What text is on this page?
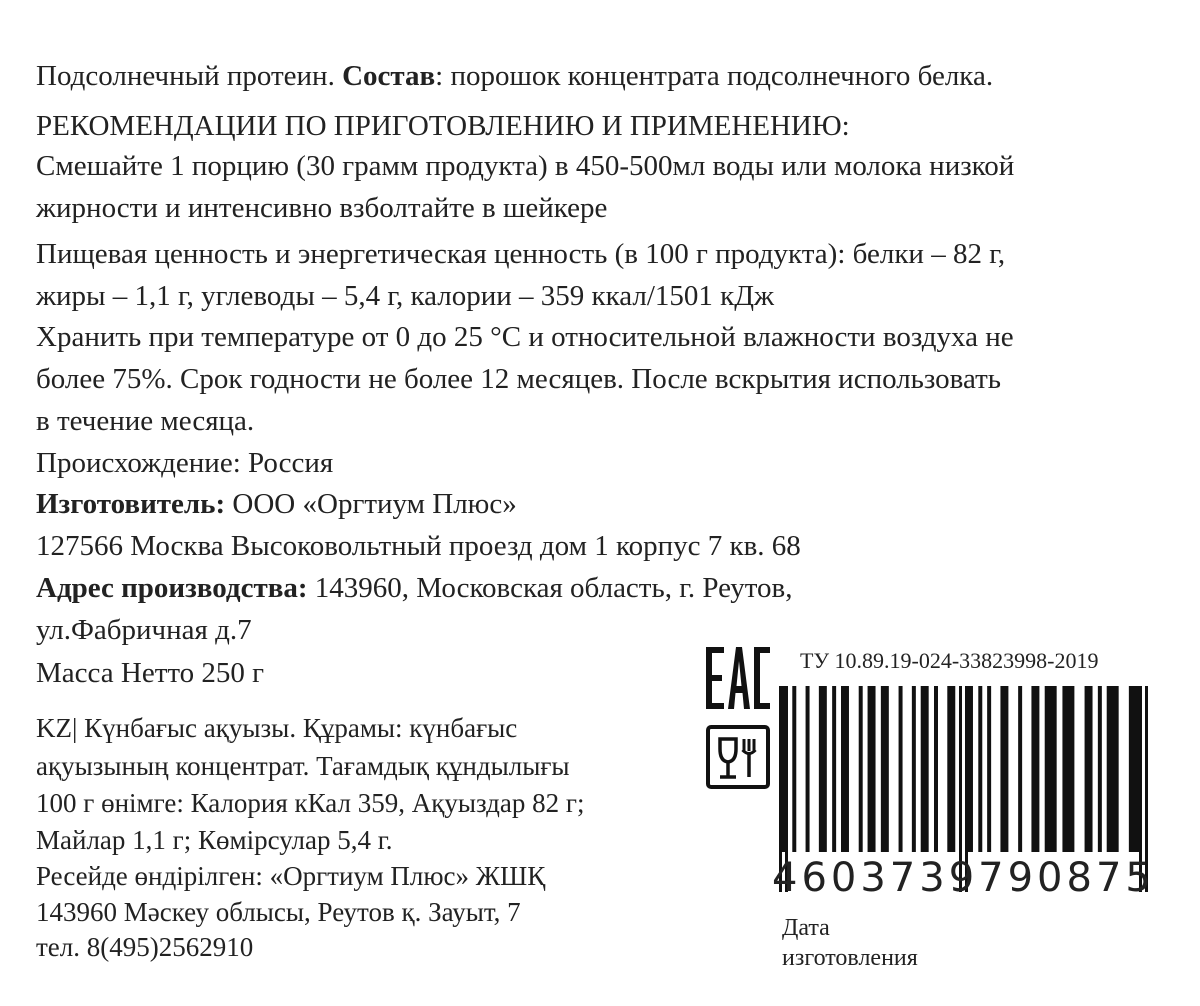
Подсолнечный протеин. Состав: порошок концентрата подсолнечного белка.
РЕКОМЕНДАЦИИ ПО ПРИГОТОВЛЕНИЮ И ПРИМЕНЕНИЮ:
Смешайте 1 порцию (30 грамм продукта) в 450-500мл воды или молока низкой
жирности и интенсивно взболтайте в шейкере
Пищевая ценность и энергетическая ценность (в 100 г продукта): белки – 82 г,
жиры – 1,1 г, углеводы – 5,4 г, калории – 359 ккал/1501 кДж
Хранить при температуре от 0 до 25 °С и относительной влажности воздуха не
более 75%. Срок годности не более 12 месяцев. После вскрытия использовать
в течение месяца.
Происхождение: Россия
Изготовитель: ООО «Оргтиум Плюс»
127566 Москва Высоковольтный проезд дом 1 корпус 7 кв. 68
Адрес производства: 143960, Московская область, г. Реутов,
ул.Фабричная д.7
Масса Нетто 250 г
KZ| Күнбағыс ақуызы. Құрамы: күнбағыс
ақуызының концентрат. Тағамдық құндылығы
100 г өнімге: Калория кКал 359, Ақуыздар 82 г;
Майлар 1,1 г; Көмірсулар 5,4 г.
Ресейде өндірілген: «Оргтиум Плюс» ЖШҚ
143960 Мәскеу облысы, Реутов қ. Зауыт, 7
тел. 8(495)2562910
ТУ 10.89.19-024-33823998-2019
4603739790875
Дата
изготовления
